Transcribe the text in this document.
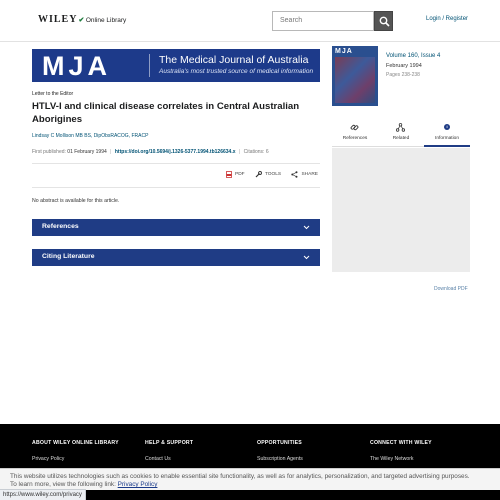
WILEY✔Online Library	Search	Login / Register
MJA	The Medical Journal of Australia
Australia's most trusted source of medical information
Letter to the Editor
HTLV-I and clinical disease correlates in Central Australian Aborigines
Lindsay C Mollison MB BS, DipObsRACOG, FRACP
First published: 01 February 1994 | https://doi.org/10.5694/j.1326-5377.1994.tb126634.x | Citations: 6
PDF
	TOOLS
	SHARE
No abstract is available for this article.
References
Citing Literature
MJA
Volume 160, Issue 4
February 1994
Pages 238-238
References	Related
i
Information
Download PDF
ABOUT WILEY ONLINE LIBRARY
Privacy Policy
HELP & SUPPORT
Contact Us
OPPORTUNITIES
Subscription Agents
CONNECT WITH WILEY
The Wiley Network
This website utilizes technologies such as cookies to enable essential site functionality, as well as for analytics, personalization, and targeted advertising purposes.
To learn more, view the following link: Privacy Policy
https://www.wiley.com/privacy
